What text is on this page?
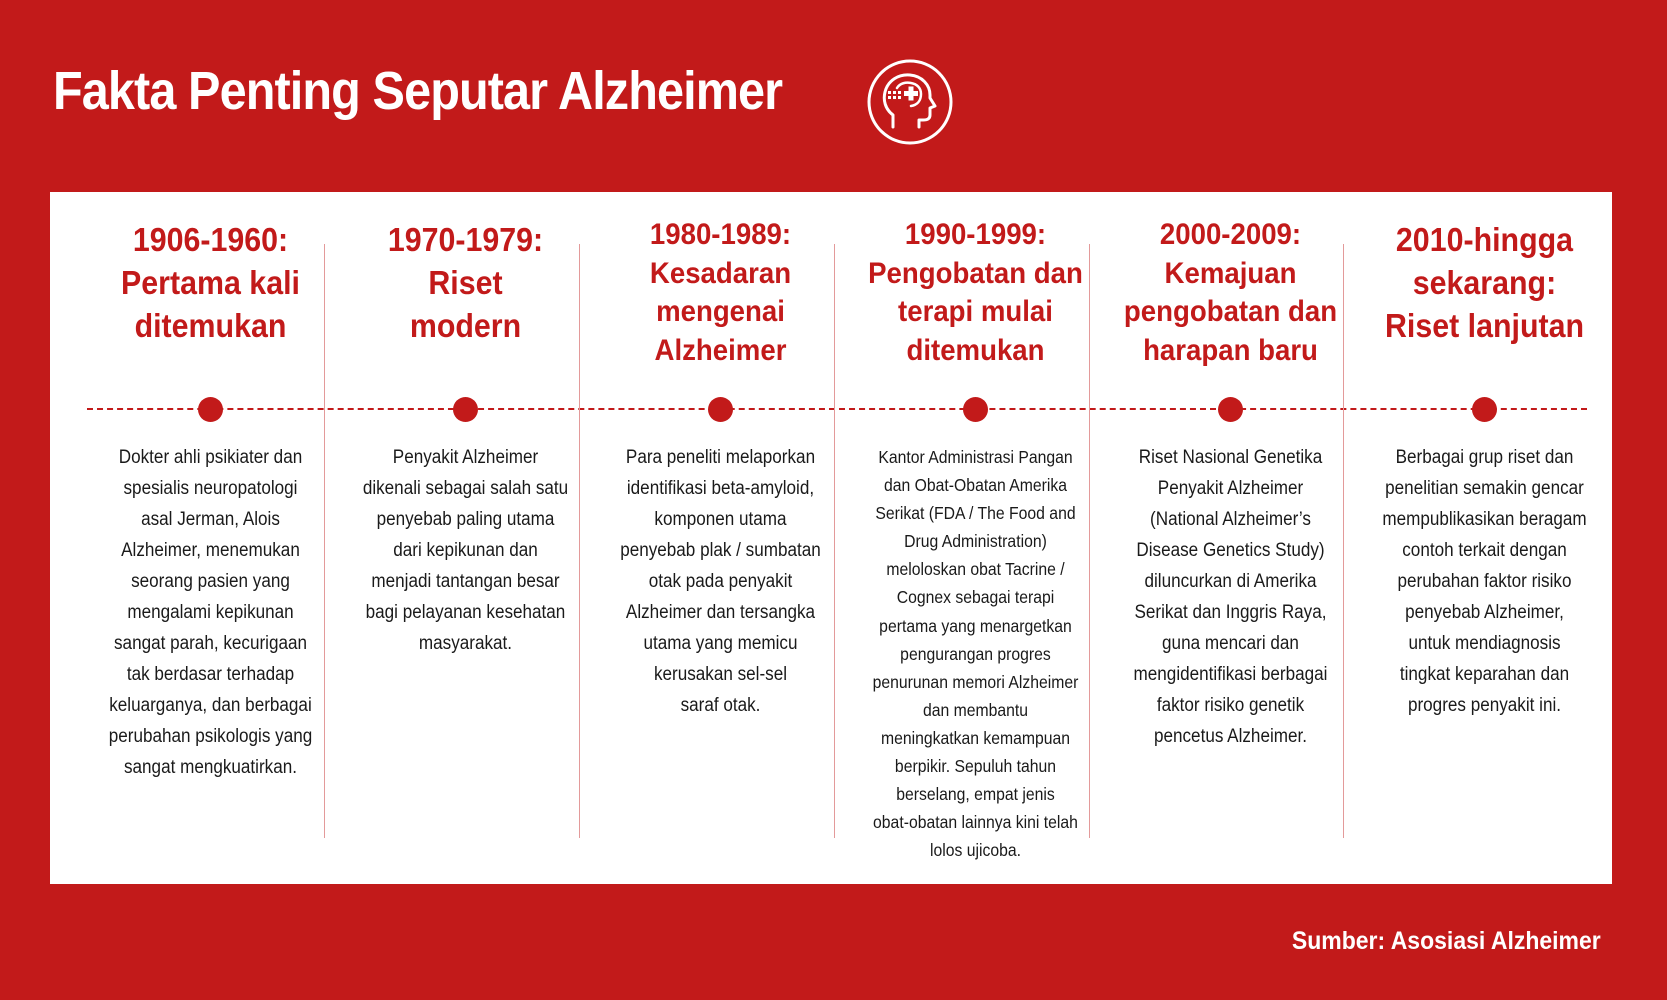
Fakta Penting Seputar Alzheimer
1906-1960:
Pertama kali
ditemukan
Dokter ahli psikiater dan
spesialis neuropatologi
asal Jerman, Alois
Alzheimer, menemukan
seorang pasien yang
mengalami kepikunan
sangat parah, kecurigaan
tak berdasar terhadap
keluarganya, dan berbagai
perubahan psikologis yang
sangat mengkuatirkan.
1970-1979:
Riset
modern
Penyakit Alzheimer
dikenali sebagai salah satu
penyebab paling utama
dari kepikunan dan
menjadi tantangan besar
bagi pelayanan kesehatan
masyarakat.
1980-1989:
Kesadaran
mengenai
Alzheimer
Para peneliti melaporkan
identifikasi beta-amyloid,
komponen utama
penyebab plak / sumbatan
otak pada penyakit
Alzheimer dan tersangka
utama yang memicu
kerusakan sel-sel
saraf otak.
1990-1999:
Pengobatan dan
terapi mulai
ditemukan
Kantor Administrasi Pangan
dan Obat-Obatan Amerika
Serikat (FDA / The Food and
Drug Administration)
meloloskan obat Tacrine /
Cognex sebagai terapi
pertama yang menargetkan
pengurangan progres
penurunan memori Alzheimer
dan membantu
meningkatkan kemampuan
berpikir. Sepuluh tahun
berselang, empat jenis
obat-obatan lainnya kini telah
lolos ujicoba.
2000-2009:
Kemajuan
pengobatan dan
harapan baru
Riset Nasional Genetika
Penyakit Alzheimer
(National Alzheimer’s
Disease Genetics Study)
diluncurkan di Amerika
Serikat dan Inggris Raya,
guna mencari dan
mengidentifikasi berbagai
faktor risiko genetik
pencetus Alzheimer.
2010-hingga
sekarang:
Riset lanjutan
Berbagai grup riset dan
penelitian semakin gencar
mempublikasikan beragam
contoh terkait dengan
perubahan faktor risiko
penyebab Alzheimer,
untuk mendiagnosis
tingkat keparahan dan
progres penyakit ini.
Sumber: Asosiasi Alzheimer
